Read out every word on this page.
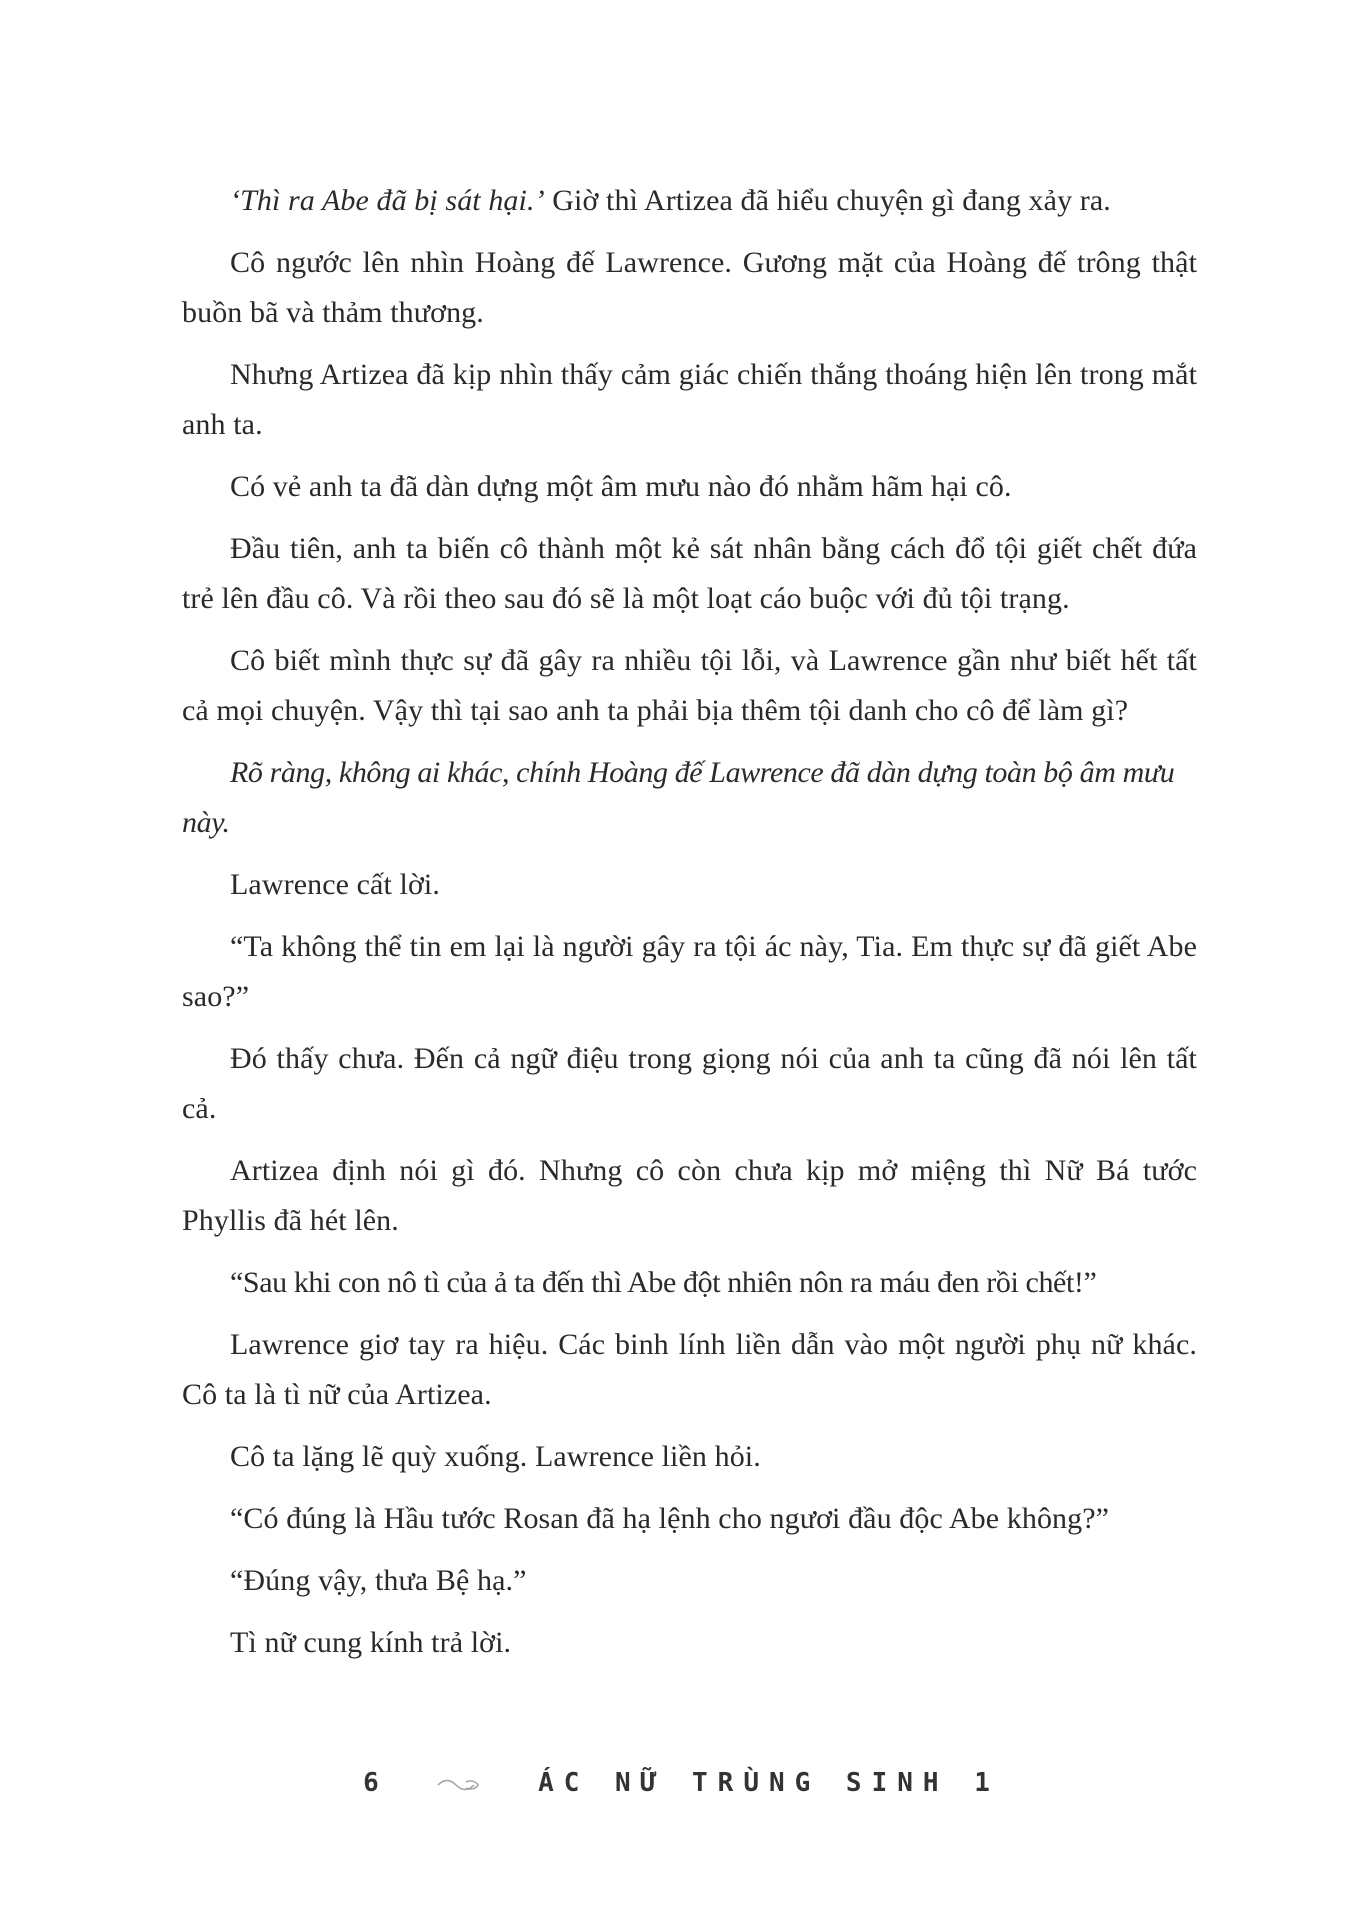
‘Thì ra Abe đã bị sát hại.’ Giờ thì Artizea đã hiểu chuyện gì đang xảy ra.

Cô ngước lên nhìn Hoàng đế Lawrence. Gương mặt của Hoàng đế trông thật buồn bã và thảm thương.

Nhưng Artizea đã kịp nhìn thấy cảm giác chiến thắng thoáng hiện lên trong mắt anh ta.

Có vẻ anh ta đã dàn dựng một âm mưu nào đó nhằm hãm hại cô.

Đầu tiên, anh ta biến cô thành một kẻ sát nhân bằng cách đổ tội giết chết đứa trẻ lên đầu cô. Và rồi theo sau đó sẽ là một loạt cáo buộc với đủ tội trạng.

Cô biết mình thực sự đã gây ra nhiều tội lỗi, và Lawrence gần như biết hết tất cả mọi chuyện. Vậy thì tại sao anh ta phải bịa thêm tội danh cho cô để làm gì?

Rõ ràng, không ai khác, chính Hoàng đế Lawrence đã dàn dựng toàn bộ âm mưu này.

Lawrence cất lời.

“Ta không thể tin em lại là người gây ra tội ác này, Tia. Em thực sự đã giết Abe sao?”

Đó thấy chưa. Đến cả ngữ điệu trong giọng nói của anh ta cũng đã nói lên tất cả.

Artizea định nói gì đó. Nhưng cô còn chưa kịp mở miệng thì Nữ Bá tước Phyllis đã hét lên.

“Sau khi con nô tì của ả ta đến thì Abe đột nhiên nôn ra máu đen rồi chết!”

Lawrence giơ tay ra hiệu. Các binh lính liền dẫn vào một người phụ nữ khác. Cô ta là tì nữ của Artizea.

Cô ta lặng lẽ quỳ xuống. Lawrence liền hỏi.

“Có đúng là Hầu tước Rosan đã hạ lệnh cho ngươi đầu độc Abe không?”

“Đúng vậy, thưa Bệ hạ.”

Tì nữ cung kính trả lời.

6	ÁC NỮ TRÙNG SINH 1
